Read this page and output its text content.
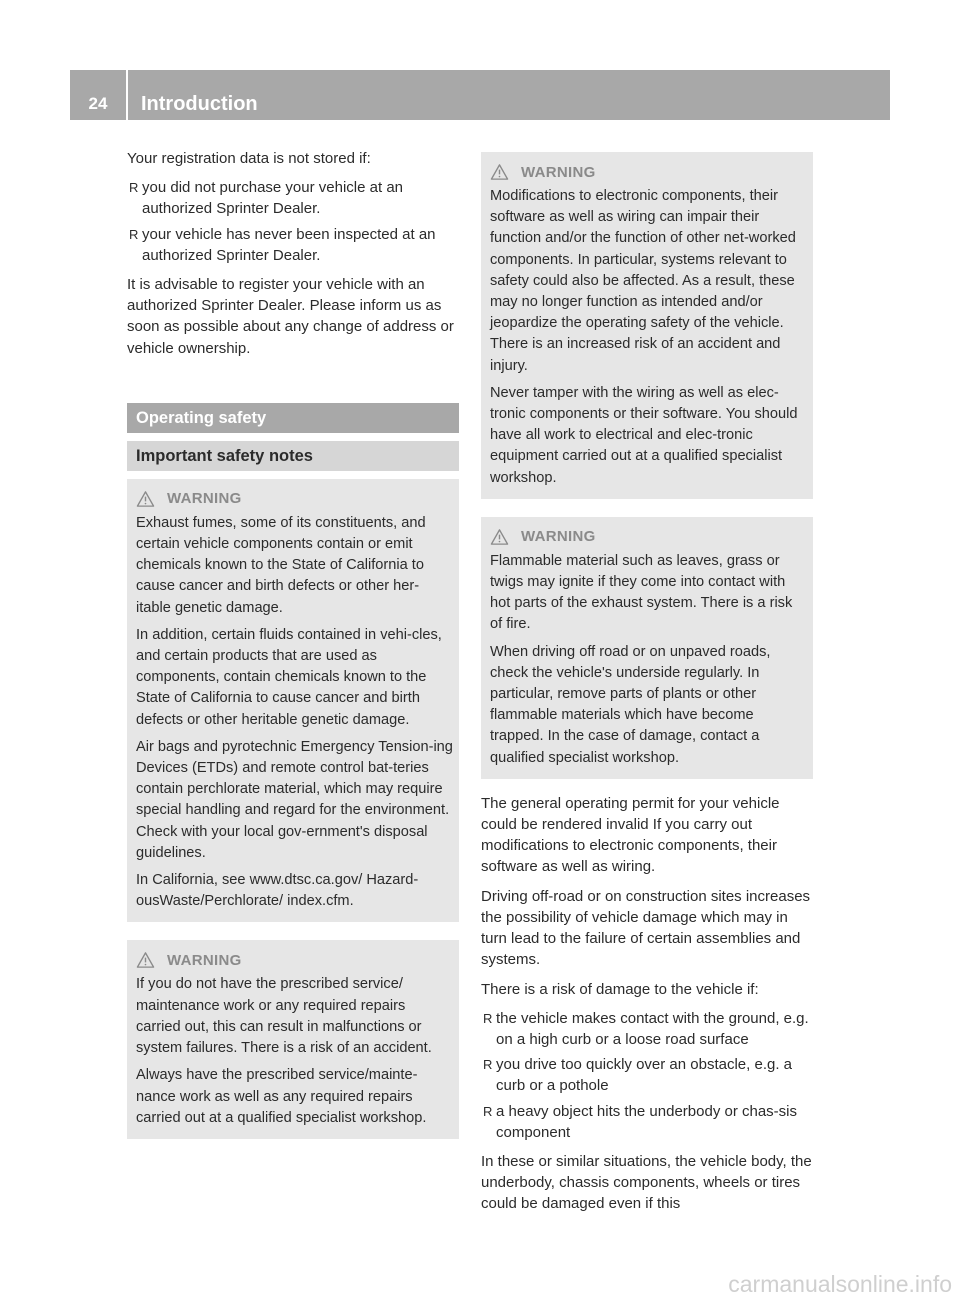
24	Introduction

Your registration data is not stored if:

R you did not purchase your vehicle at an authorized Sprinter Dealer.
R your vehicle has never been inspected at an authorized Sprinter Dealer.

It is advisable to register your vehicle with an authorized Sprinter Dealer. Please inform us as soon as possible about any change of address or vehicle ownership.

Operating safety
Important safety notes
WARNING

Exhaust fumes, some of its constituents, and certain vehicle components contain or emit chemicals known to the State of California to cause cancer and birth defects or other her-itable genetic damage.

In addition, certain fluids contained in vehi-cles, and certain products that are used as components, contain chemicals known to the State of California to cause cancer and birth defects or other heritable genetic damage.

Air bags and pyrotechnic Emergency Tension-ing Devices (ETDs) and remote control bat-teries contain perchlorate material, which may require special handling and regard for the environment. Check with your local gov-ernment's disposal guidelines.

In California, see www.dtsc.ca.gov/ Hazard-ousWaste/Perchlorate/ index.cfm.

WARNING

If you do not have the prescribed service/ maintenance work or any required repairs carried out, this can result in malfunctions or system failures. There is a risk of an accident.

Always have the prescribed service/mainte-nance work as well as any required repairs carried out at a qualified specialist workshop.

WARNING

Modifications to electronic components, their software as well as wiring can impair their function and/or the function of other net-worked components. In particular, systems relevant to safety could also be affected. As a result, these may no longer function as intended and/or jeopardize the operating safety of the vehicle. There is an increased risk of an accident and injury.

Never tamper with the wiring as well as elec-tronic components or their software. You should have all work to electrical and elec-tronic equipment carried out at a qualified specialist workshop.

WARNING

Flammable material such as leaves, grass or twigs may ignite if they come into contact with hot parts of the exhaust system. There is a risk of fire.

When driving off road or on unpaved roads, check the vehicle's underside regularly. In particular, remove parts of plants or other flammable materials which have become trapped. In the case of damage, contact a qualified specialist workshop.

The general operating permit for your vehicle could be rendered invalid If you carry out modifications to electronic components, their software as well as wiring.

Driving off-road or on construction sites increases the possibility of vehicle damage which may in turn lead to the failure of certain assemblies and systems.

There is a risk of damage to the vehicle if:

R the vehicle makes contact with the ground, e.g. on a high curb or a loose road surface
R you drive too quickly over an obstacle, e.g. a curb or a pothole
R a heavy object hits the underbody or chas-sis component

In these or similar situations, the vehicle body, the underbody, chassis components, wheels or tires could be damaged even if this

carmanualsonline.info
